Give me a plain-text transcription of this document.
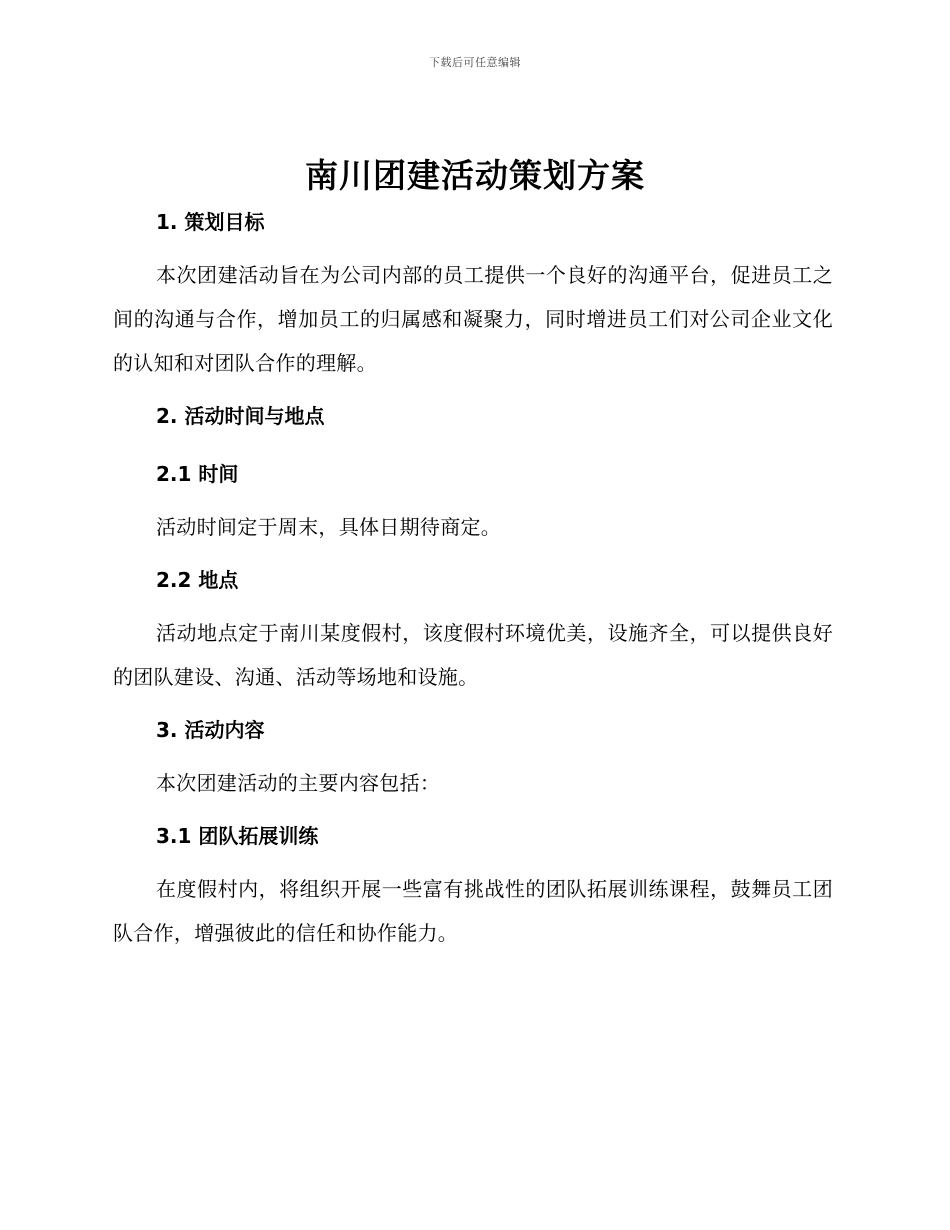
下载后可任意编辑
南川团建活动策划方案
1. 策划目标

本次团建活动旨在为公司内部的员工提供一个良好的沟通平台，促进员工之间的沟通与合作，增加员工的归属感和凝聚力，同时增进员工们对公司企业文化的认知和对团队合作的理解。

2. 活动时间与地点
2.1 时间

活动时间定于周末，具体日期待商定。

2.2 地点

活动地点定于南川某度假村，该度假村环境优美，设施齐全，可以提供良好的团队建设、沟通、活动等场地和设施。

3. 活动内容

本次团建活动的主要内容包括：

3.1 团队拓展训练

在度假村内，将组织开展一些富有挑战性的团队拓展训练课程，鼓舞员工团队合作，增强彼此的信任和协作能力。
